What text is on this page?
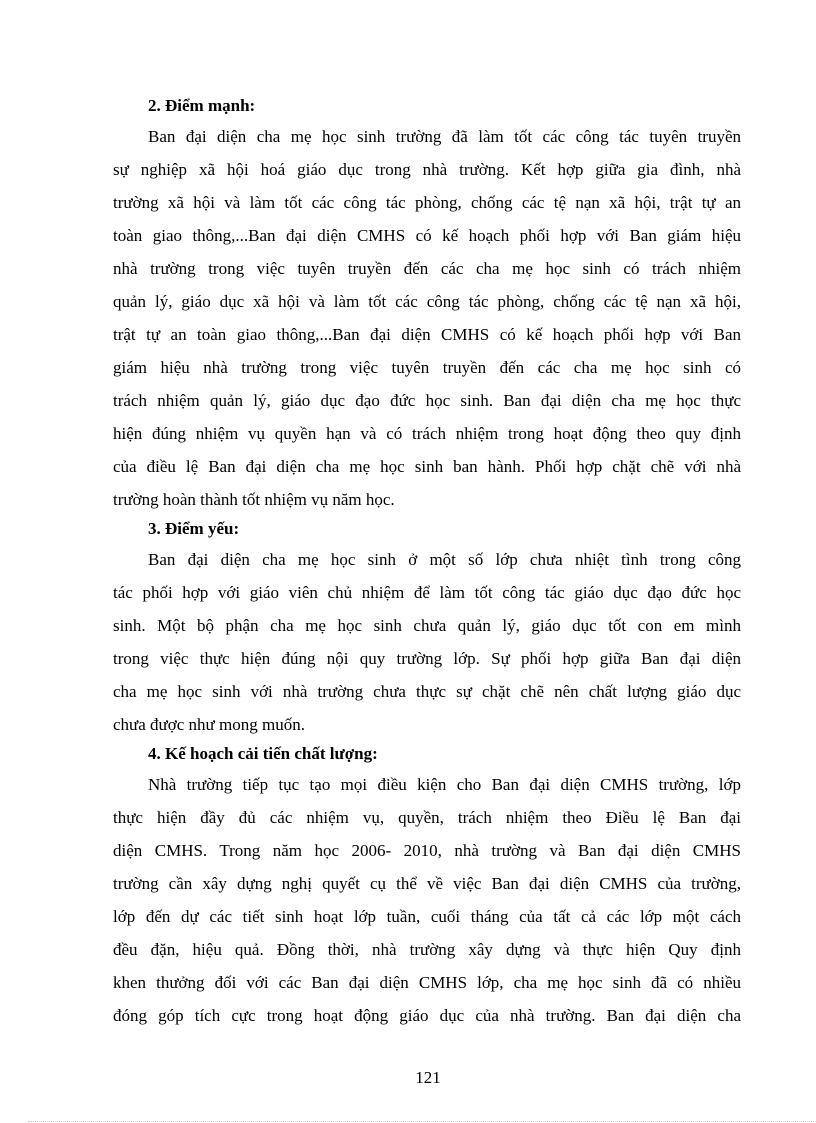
2. Điểm mạnh:
Ban đại diện cha mẹ học sinh trường đã làm tốt các công tác tuyên truyền
sự nghiệp xã hội hoá giáo dục trong nhà trường. Kết hợp giữa gia đình, nhà
trường xã hội và làm tốt các công tác phòng, chống các tệ nạn xã hội, trật tự an
toàn giao thông,...Ban đại diện CMHS có kế hoạch phối hợp với Ban giám hiệu
nhà trường trong việc tuyên truyền đến các cha mẹ học sinh có trách nhiệm
quản lý, giáo dục xã hội và làm tốt các công tác phòng, chống các tệ nạn xã hội,
trật tự an toàn giao thông,...Ban đại diện CMHS có kế hoạch phối hợp với Ban
giám hiệu nhà trường trong việc tuyên truyền đến các cha mẹ học sinh có
trách nhiệm quản lý, giáo dục đạo đức học sinh. Ban đại diện cha mẹ học thực
hiện đúng nhiệm vụ quyền hạn và có trách nhiệm trong hoạt động theo quy định
của điều lệ Ban đại diện cha mẹ học sinh ban hành. Phối hợp chặt chẽ với nhà
trường hoàn thành tốt nhiệm vụ năm học.
3. Điểm yếu:
Ban đại diện cha mẹ học sinh ở một số lớp chưa nhiệt tình trong công
tác phối hợp với giáo viên chủ nhiệm để làm tốt công tác giáo dục đạo đức học
sinh. Một bộ phận cha mẹ học sinh chưa quản lý, giáo dục tốt con em mình
trong việc thực hiện đúng nội quy trường lớp. Sự phối hợp giữa Ban đại diện
cha mẹ học sinh với nhà trường chưa thực sự chặt chẽ nên chất lượng giáo dục
chưa được như mong muốn.
4. Kế hoạch cải tiến chất lượng:
Nhà trường tiếp tục tạo mọi điều kiện cho Ban đại diện CMHS trường, lớp
thực hiện đầy đủ các nhiệm vụ, quyền, trách nhiệm theo Điều lệ Ban đại
diện CMHS. Trong năm học 2006- 2010, nhà trường và Ban đại diện CMHS
trường cần xây dựng nghị quyết cụ thể về việc Ban đại diện CMHS của trường,
lớp đến dự các tiết sinh hoạt lớp tuần, cuối tháng của tất cả các lớp một cách
đều đặn, hiệu quả. Đồng thời, nhà trường xây dựng và thực hiện Quy định
khen thưởng đối với các Ban đại diện CMHS lớp, cha mẹ học sinh đã có nhiều
đóng góp tích cực trong hoạt động giáo dục của nhà trường. Ban đại diện cha
121
